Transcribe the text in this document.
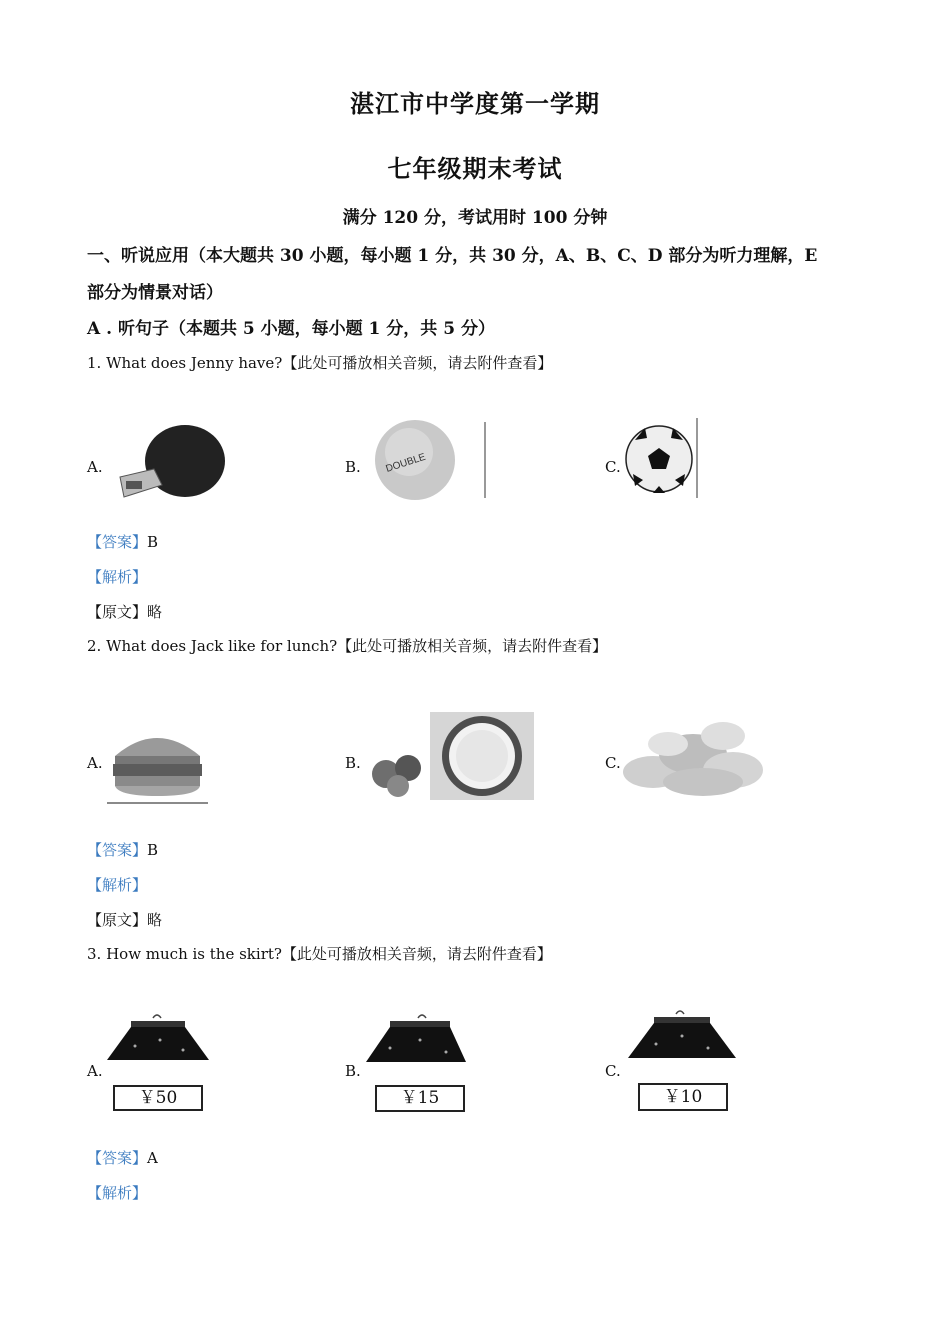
湛江市中学度第一学期
七年级期末考试
满分 120 分，考试用时 100 分钟
一、听说应用（本大题共 30 小题，每小题 1 分，共 30 分，A、B、C、D 部分为听力理解，E
部分为情景对话）
A . 听句子（本题共 5 小题，每小题 1 分，共 5 分）
1. What does Jenny have?【此处可播放相关音频，请去附件查看】
A.	B. DOUBLE	C.
【答案】B
【解析】
【原文】略
2. What does Jack like for lunch?【此处可播放相关音频，请去附件查看】
A.	B.	C.
【答案】B
【解析】
【原文】略
3. How much is the skirt?【此处可播放相关音频，请去附件查看】
A.
￥50
B.
￥15
C.
￥10
【答案】A
【解析】
